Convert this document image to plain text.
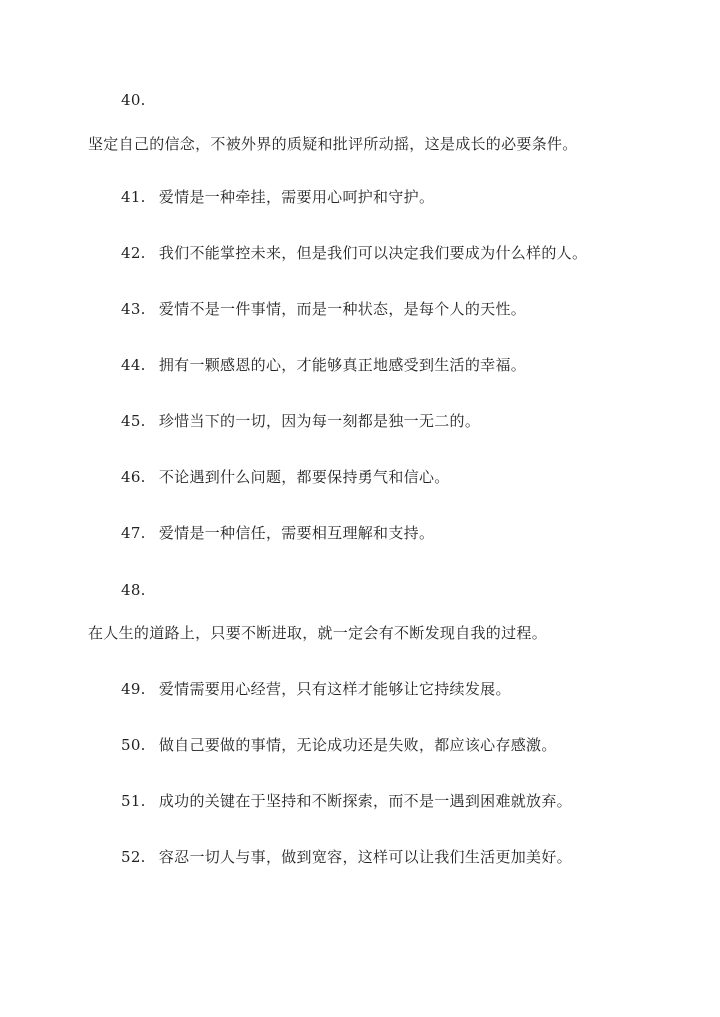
40.
坚定自己的信念，不被外界的质疑和批评所动摇，这是成长的必要条件。
41. 爱情是一种牵挂，需要用心呵护和守护。
42. 我们不能掌控未来，但是我们可以决定我们要成为什么样的人。
43. 爱情不是一件事情，而是一种状态，是每个人的天性。
44. 拥有一颗感恩的心，才能够真正地感受到生活的幸福。
45. 珍惜当下的一切，因为每一刻都是独一无二的。
46. 不论遇到什么问题，都要保持勇气和信心。
47. 爱情是一种信任，需要相互理解和支持。
48.
在人生的道路上，只要不断进取，就一定会有不断发现自我的过程。
49. 爱情需要用心经营，只有这样才能够让它持续发展。
50. 做自己要做的事情，无论成功还是失败，都应该心存感激。
51. 成功的关键在于坚持和不断探索，而不是一遇到困难就放弃。
52. 容忍一切人与事，做到宽容，这样可以让我们生活更加美好。
